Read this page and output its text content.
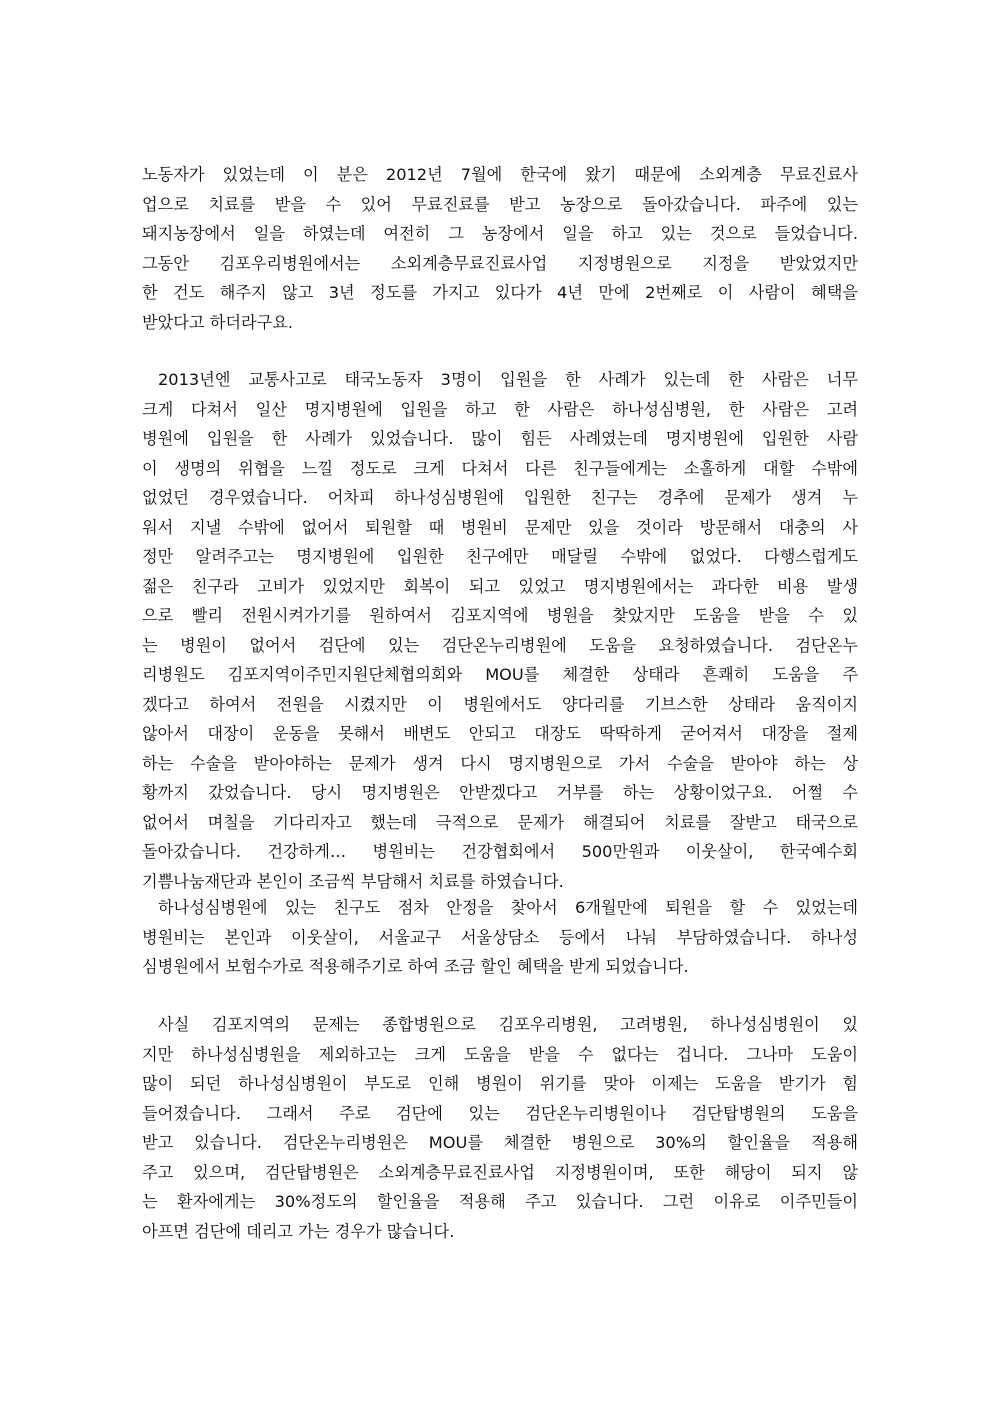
노동자가 있었는데 이 분은 2012년 7월에 한국에 왔기 때문에 소외계층 무료진료사
업으로 치료를 받을 수 있어 무료진료를 받고 농장으로 돌아갔습니다. 파주에 있는
돼지농장에서 일을 하였는데 여전히 그 농장에서 일을 하고 있는 것으로 들었습니다.
그동안 김포우리병원에서는 소외계층무료진료사업 지정병원으로 지정을 받았었지만
한 건도 해주지 않고 3년 정도를 가지고 있다가 4년 만에 2번째로 이 사람이 혜택을
받았다고 하더라구요.
2013년엔 교통사고로 태국노동자 3명이 입원을 한 사례가 있는데 한 사람은 너무
크게 다쳐서 일산 명지병원에 입원을 하고 한 사람은 하나성심병원, 한 사람은 고려
병원에 입원을 한 사례가 있었습니다. 많이 힘든 사례였는데 명지병원에 입원한 사람
이 생명의 위협을 느낄 정도로 크게 다쳐서 다른 친구들에게는 소홀하게 대할 수밖에
없었던 경우였습니다. 어차피 하나성심병원에 입원한 친구는 경추에 문제가 생겨 누
워서 지낼 수밖에 없어서 퇴원할 때 병원비 문제만 있을 것이라 방문해서 대충의 사
정만 알려주고는 명지병원에 입원한 친구에만 매달릴 수밖에 없었다. 다행스럽게도
젊은 친구라 고비가 있었지만 회복이 되고 있었고 명지병원에서는 과다한 비용 발생
으로 빨리 전원시켜가기를 원하여서 김포지역에 병원을 찾았지만 도움을 받을 수 있
는 병원이 없어서 검단에 있는 검단온누리병원에 도움을 요청하였습니다. 검단온누
리병원도 김포지역이주민지원단체협의회와 MOU를 체결한 상태라 흔쾌히 도움을 주
겠다고 하여서 전원을 시켰지만 이 병원에서도 양다리를 기브스한 상태라 움직이지
않아서 대장이 운동을 못해서 배변도 안되고 대장도 딱딱하게 굳어져서 대장을 절제
하는 수술을 받아야하는 문제가 생겨 다시 명지병원으로 가서 수술을 받아야 하는 상
황까지 갔었습니다. 당시 명지병원은 안받겠다고 거부를 하는 상황이었구요. 어쩔 수
없어서 며칠을 기다리자고 했는데 극적으로 문제가 해결되어 치료를 잘받고 태국으로
돌아갔습니다. 건강하게… 병원비는 건강협회에서 500만원과 이웃살이, 한국예수회
기쁨나눔재단과 본인이 조금씩 부담해서 치료를 하였습니다.
하나성심병원에 있는 친구도 점차 안정을 찾아서 6개월만에 퇴원을 할 수 있었는데
병원비는 본인과 이웃살이, 서울교구 서울상담소 등에서 나눠 부담하였습니다. 하나성
심병원에서 보험수가로 적용해주기로 하여 조금 할인 혜택을 받게 되었습니다.
사실 김포지역의 문제는 종합병원으로 김포우리병원, 고려병원, 하나성심병원이 있
지만 하나성심병원을 제외하고는 크게 도움을 받을 수 없다는 겁니다. 그나마 도움이
많이 되던 하나성심병원이 부도로 인해 병원이 위기를 맞아 이제는 도움을 받기가 힘
들어졌습니다. 그래서 주로 검단에 있는 검단온누리병원이나 검단탑병원의 도움을
받고 있습니다. 검단온누리병원은 MOU를 체결한 병원으로 30%의 할인율을 적용해
주고 있으며, 검단탑병원은 소외계층무료진료사업 지정병원이며, 또한 해당이 되지 않
는 환자에게는 30%정도의 할인율을 적용해 주고 있습니다. 그런 이유로 이주민들이
아프면 검단에 데리고 가는 경우가 많습니다.
